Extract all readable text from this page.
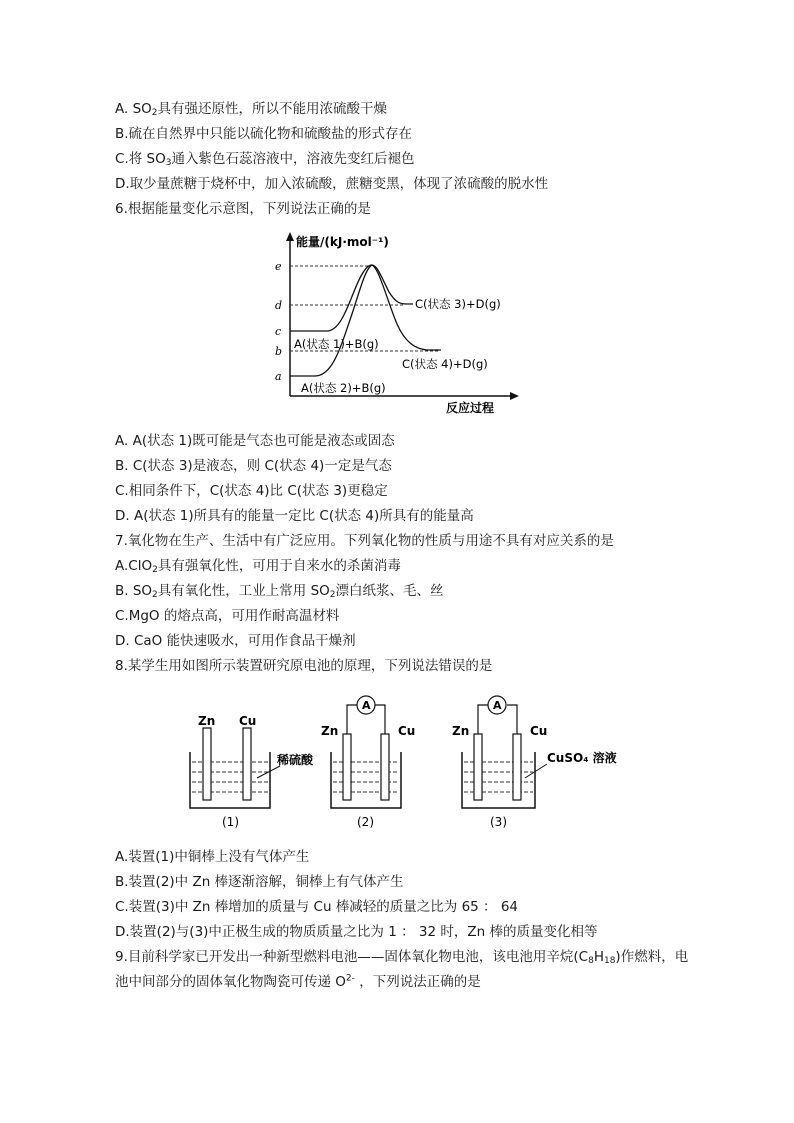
A. $SO_2$具有强还原性，所以不能用浓硫酸干燥
B.硫在自然界中只能以硫化物和硫酸盐的形式存在
C.将 $SO_3$通入紫色石蕊溶液中，溶液先变红后褪色
D.取少量蔗糖于烧杯中，加入浓硫酸，蔗糖变黑，体现了浓硫酸的脱水性
6.根据能量变化示意图，下列说法正确的是
能量/(kJ·mol⁻¹)
反应过程
e
d
c
b
a
C(状态 3)+D(g)
A(状态 1)+B(g)
C(状态 4)+D(g)
A(状态 2)+B(g)
A. A(状态 1)既可能是气态也可能是液态或固态
B. C(状态 3)是液态，则 C(状态 4)一定是气态
C.相同条件下，C(状态 4)比 C(状态 3)更稳定
D. A(状态 1)所具有的能量一定比 C(状态 4)所具有的能量高
7.氧化物在生产、生活中有广泛应用。下列氧化物的性质与用途不具有对应关系的是
A.ClO$_2$具有强氧化性，可用于自来水的杀菌消毒
B. $SO_2$具有氧化性，工业上常用 $SO_2$漂白纸浆、毛、丝
C.MgO 的熔点高，可用作耐高温材料
D. CaO 能快速吸水，可用作食品干燥剂
8.某学生用如图所示装置研究原电池的原理，下列说法错误的是
Zn Cu
(1)
稀硫酸
A
Zn	Cu
(2)
A
Zn	Cu
(3)
CuSO₄ 溶液
A.装置(1)中铜棒上没有气体产生
B.装置(2)中 Zn 棒逐渐溶解，铜棒上有气体产生
C.装置(3)中 Zn 棒增加的质量与 Cu 棒减轻的质量之比为 65 ： 64
D.装置(2)与(3)中正极生成的物质质量之比为 1 ： 32 时，Zn 棒的质量变化相等
9.目前科学家已开发出一种新型燃料电池——固体氧化物电池，该电池用辛烷$(C_8H_{18})$作燃料，电
池中间部分的固体氧化物陶瓷可传递 $O^{2-}$ ，下列说法正确的是
